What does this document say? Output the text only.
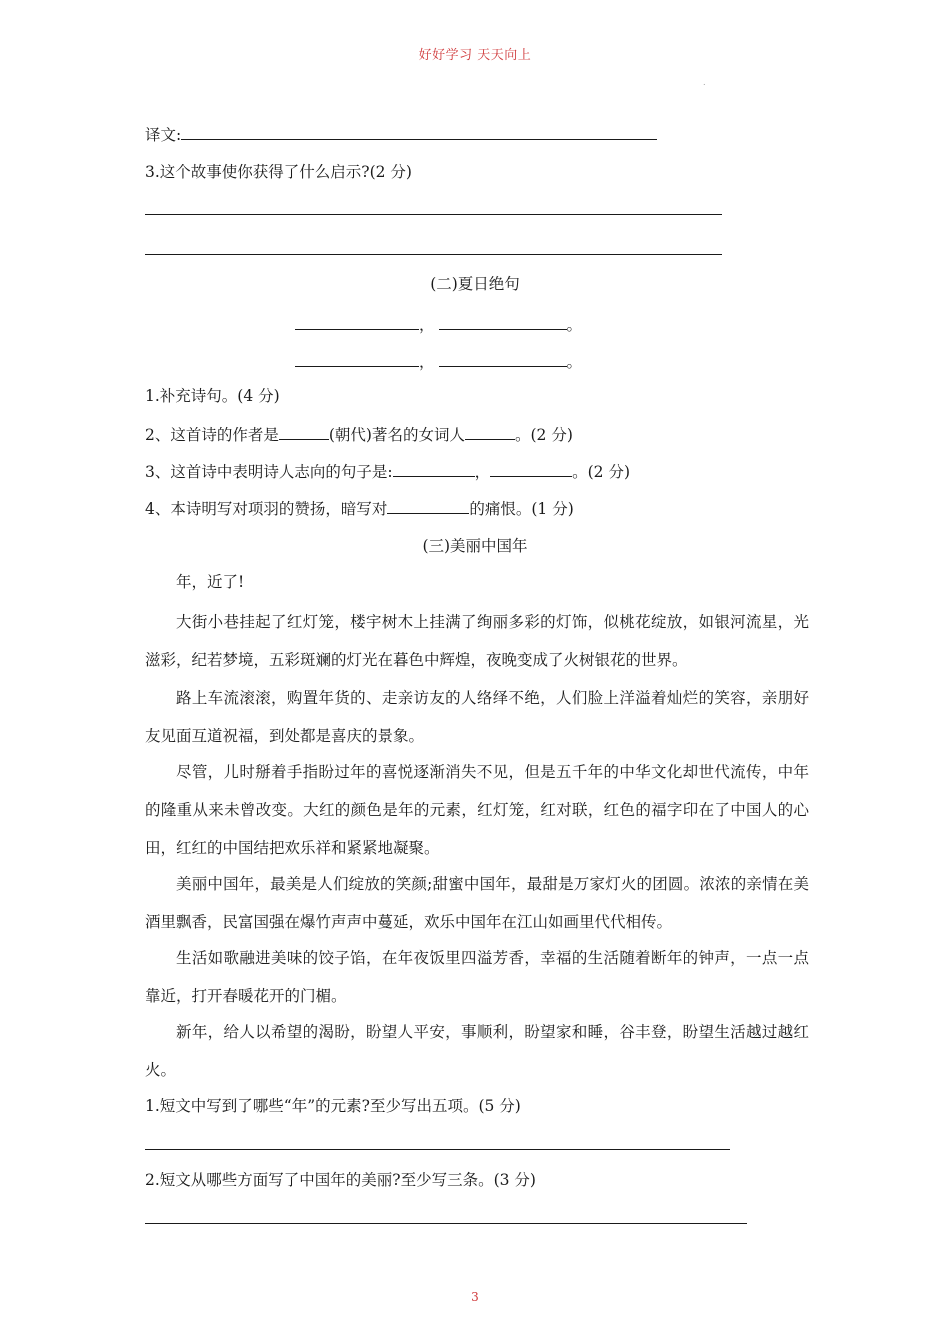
好好学习 天天向上
.
译文:
3.这个故事使你获得了什么启示?(2 分)
(二)夏日绝句
，	。
，	。
1.补充诗句。(4 分)
2、这首诗的作者是	(朝代)著名的女词人	。(2 分)
3、这首诗中表明诗人志向的句子是:	，	。(2 分)
4、本诗明写对项羽的赞扬，暗写对	的痛恨。(1 分)
(三)美丽中国年
年，近了!
大街小巷挂起了红灯笼，楼宇树木上挂满了绚丽多彩的灯饰，似桃花绽放，如银河流星，光滋彩，纪若梦境，五彩斑斓的灯光在暮色中辉煌，夜晚变成了火树银花的世界。
路上车流滚滚，购置年货的、走亲访友的人络绎不绝，人们脸上洋溢着灿烂的笑容，亲朋好友见面互道祝福，到处都是喜庆的景象。
尽管，儿时掰着手指盼过年的喜悦逐渐消失不见，但是五千年的中华文化却世代流传，中年的隆重从来未曾改变。大红的颜色是年的元素，红灯笼，红对联，红色的福字印在了中国人的心田，红红的中国结把欢乐祥和紧紧地凝聚。
美丽中国年，最美是人们绽放的笑颜;甜蜜中国年，最甜是万家灯火的团圆。浓浓的亲情在美酒里飘香，民富国强在爆竹声声中蔓延，欢乐中国年在江山如画里代代相传。
生活如歌融进美味的饺子馅，在年夜饭里四溢芳香，幸福的生活随着断年的钟声，一点一点靠近，打开春暖花开的门楣。
新年，给人以希望的渴盼，盼望人平安，事顺利，盼望家和睡，谷丰登，盼望生活越过越红火。
1.短文中写到了哪些“年”的元素?至少写出五项。(5 分)
2.短文从哪些方面写了中国年的美丽?至少写三条。(3 分)
3
